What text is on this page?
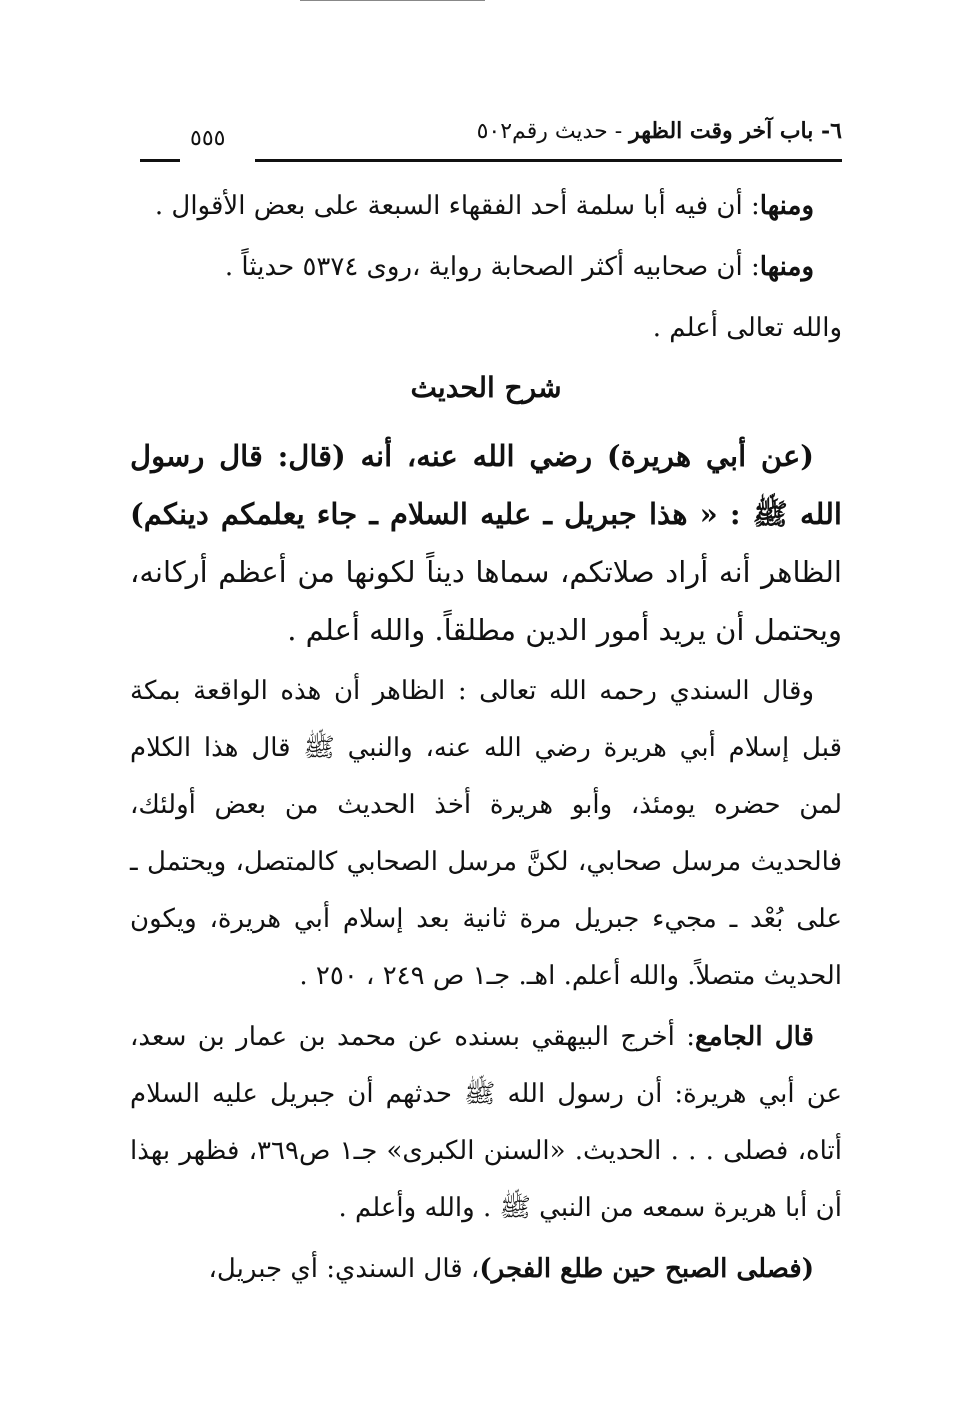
٦- باب آخر وقت الظهر - حديث رقم٥٠٢
٥٥٥

ومنها: أن فيه أبا سلمة أحد الفقهاء السبعة على بعض الأقوال .

ومنها: أن صحابيه أكثر الصحابة رواية ،روى ٥٣٧٤ حديثاً .

والله تعالى أعلم .

شرح الحديث

(عن أبي هريرة) رضي الله عنه، أنه (قال: قال رسول الله ﷺ : « هذا جبريل ـ عليه السلام ـ جاء يعلمكم دينكم) الظاهر أنه أراد صلاتكم، سماها ديناً لكونها من أعظم أركانه، ويحتمل أن يريد أمور الدين مطلقاً. والله أعلم .

وقال السندي رحمه الله تعالى : الظاهر أن هذه الواقعة بمكة قبل إسلام أبي هريرة رضي الله عنه، والنبي ﷺ قال هذا الكلام لمن حضره يومئذ، وأبو هريرة أخذ الحديث من بعض أولئك، فالحديث مرسل صحابي، لكنَّ مرسل الصحابي كالمتصل، ويحتمل ـ على بُعْد ـ مجيء جبريل مرة ثانية بعد إسلام أبي هريرة، ويكون الحديث متصلاً. والله أعلم. اهـ. جـ١ ص ٢٤٩ ، ٢٥٠ .

قال الجامع: أخرج البيهقي بسنده عن محمد بن عمار بن سعد، عن أبي هريرة: أن رسول الله ﷺ حدثهم أن جبريل عليه السلام أتاه، فصلى . . . الحديث. «السنن الكبرى» جـ١ ص٣٦٩، فظهر بهذا أن أبا هريرة سمعه من النبي ﷺ . والله وأعلم .

(فصلى الصبح حين طلع الفجر)، قال السندي: أي جبريل،
